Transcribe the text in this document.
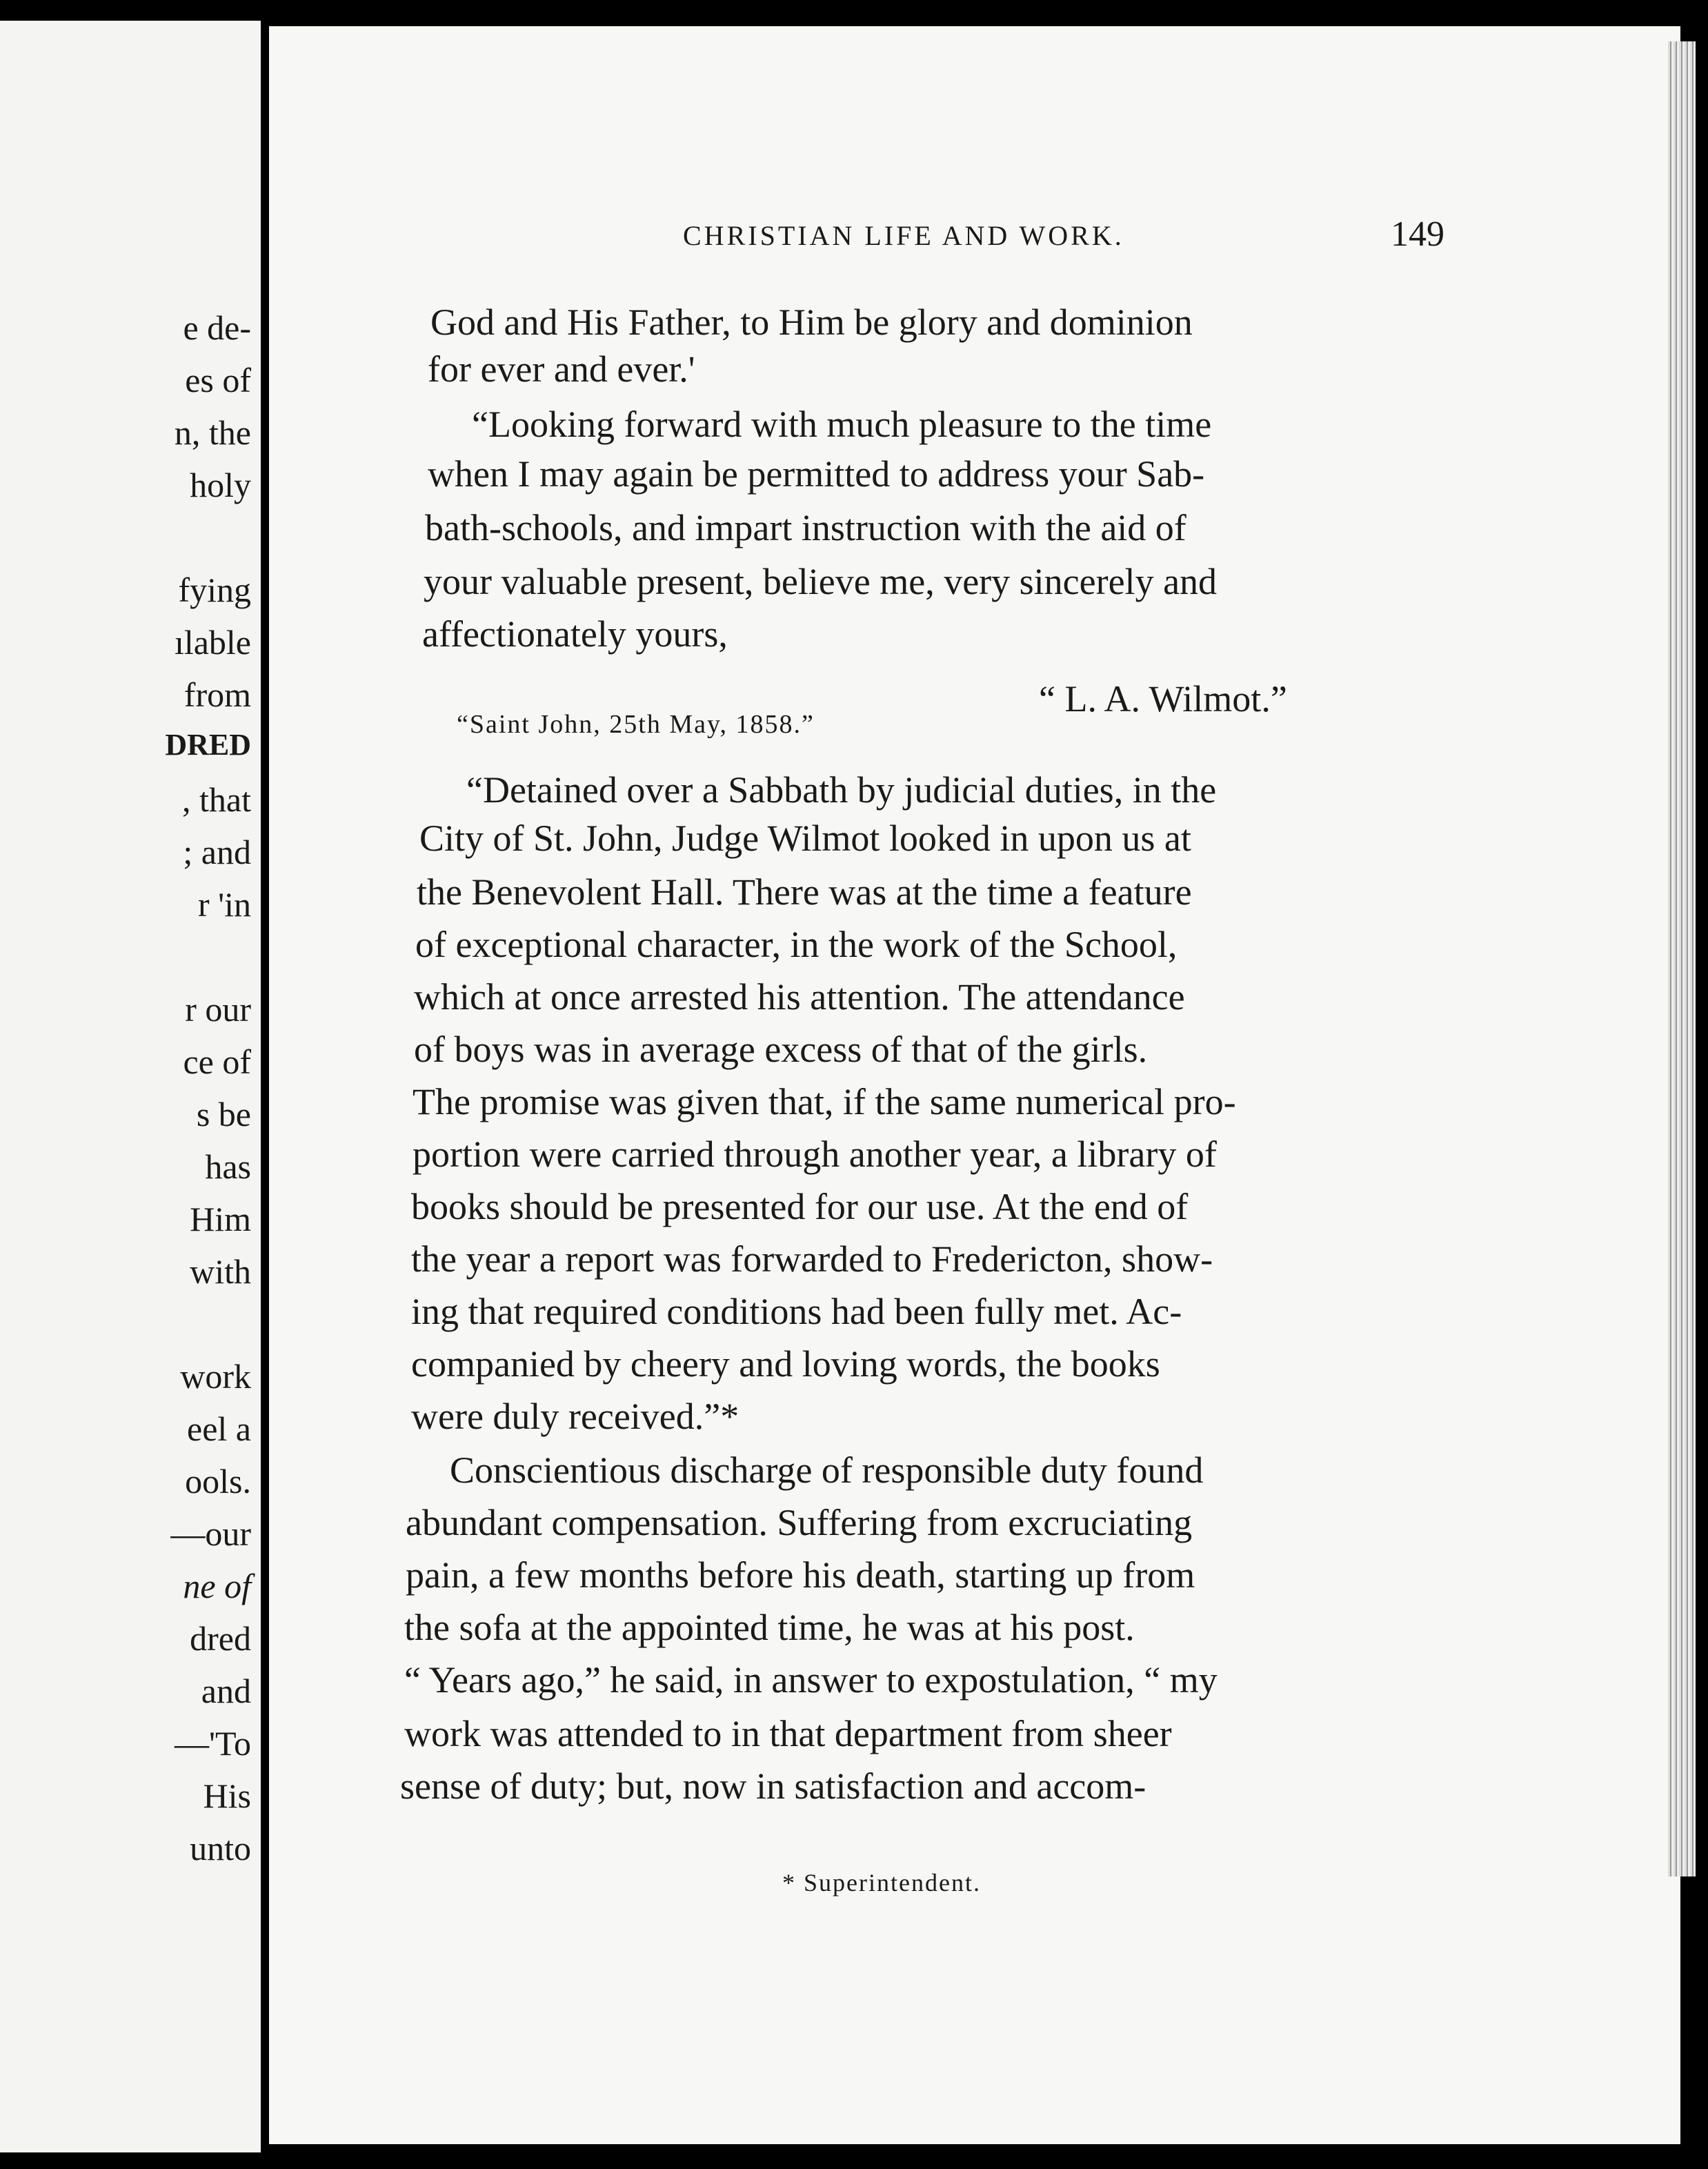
e de-
es of
n, the
holy
fying
ılable
from
DRED
, that
; and
r 'in
r our
ce of
s be
has
Him
with
work
eel a
ools.
—our
ne of
dred
and
—'To
His
unto
CHRISTIAN LIFE AND WORK.	149
God and His Father, to Him be glory and dominion
for ever and ever.'
“Looking forward with much pleasure to the time
when I may again be permitted to address your Sab-
bath-schools, and impart instruction with the aid of
your valuable present, believe me, very sincerely and
affectionately yours,
“ L. A. Wilmot.”
“Saint John, 25th May, 1858.”
“Detained over a Sabbath by judicial duties, in the
City of St. John, Judge Wilmot looked in upon us at
the Benevolent Hall. There was at the time a feature
of exceptional character, in the work of the School,
which at once arrested his attention. The attendance
of boys was in average excess of that of the girls.
The promise was given that, if the same numerical pro-
portion were carried through another year, a library of
books should be presented for our use. At the end of
the year a report was forwarded to Fredericton, show-
ing that required conditions had been fully met. Ac-
companied by cheery and loving words, the books
were duly received.”*
Conscientious discharge of responsible duty found
abundant compensation. Suffering from excruciating
pain, a few months before his death, starting up from
the sofa at the appointed time, he was at his post.
“ Years ago,” he said, in answer to expostulation, “ my
work was attended to in that department from sheer
sense of duty; but, now in satisfaction and accom-
* Superintendent.
